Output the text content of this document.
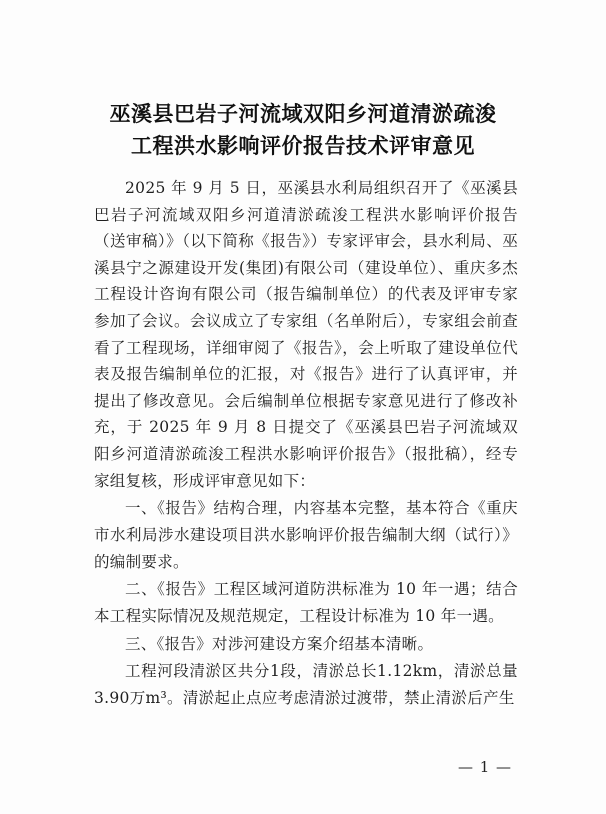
巫溪县巴岩子河流域双阳乡河道清淤疏浚
工程洪水影响评价报告技术评审意见

2025 年 9 月 5 日，巫溪县水利局组织召开了《巫溪县巴岩子河流域双阳乡河道清淤疏浚工程洪水影响评价报告（送审稿）》（以下简称《报告》）专家评审会，县水利局、巫溪县宁之源建设开发(集团)有限公司（建设单位）、重庆多杰工程设计咨询有限公司（报告编制单位）的代表及评审专家参加了会议。会议成立了专家组（名单附后），专家组会前查看了工程现场，详细审阅了《报告》，会上听取了建设单位代表及报告编制单位的汇报，对《报告》进行了认真评审，并提出了修改意见。会后编制单位根据专家意见进行了修改补充，于 2025 年 9 月 8 日提交了《巫溪县巴岩子河流域双阳乡河道清淤疏浚工程洪水影响评价报告》（报批稿），经专家组复核，形成评审意见如下：

一、《报告》结构合理，内容基本完整，基本符合《重庆市水利局涉水建设项目洪水影响评价报告编制大纲（试行）》的编制要求。

二、《报告》工程区域河道防洪标准为 10 年一遇；结合本工程实际情况及规范规定，工程设计标准为 10 年一遇。

三、《报告》对涉河建设方案介绍基本清晰。

工程河段清淤区共分1段，清淤总长1.12km，清淤总量3.90万m³。清淤起止点应考虑清淤过渡带，禁止清淤后产生

— 1 —
